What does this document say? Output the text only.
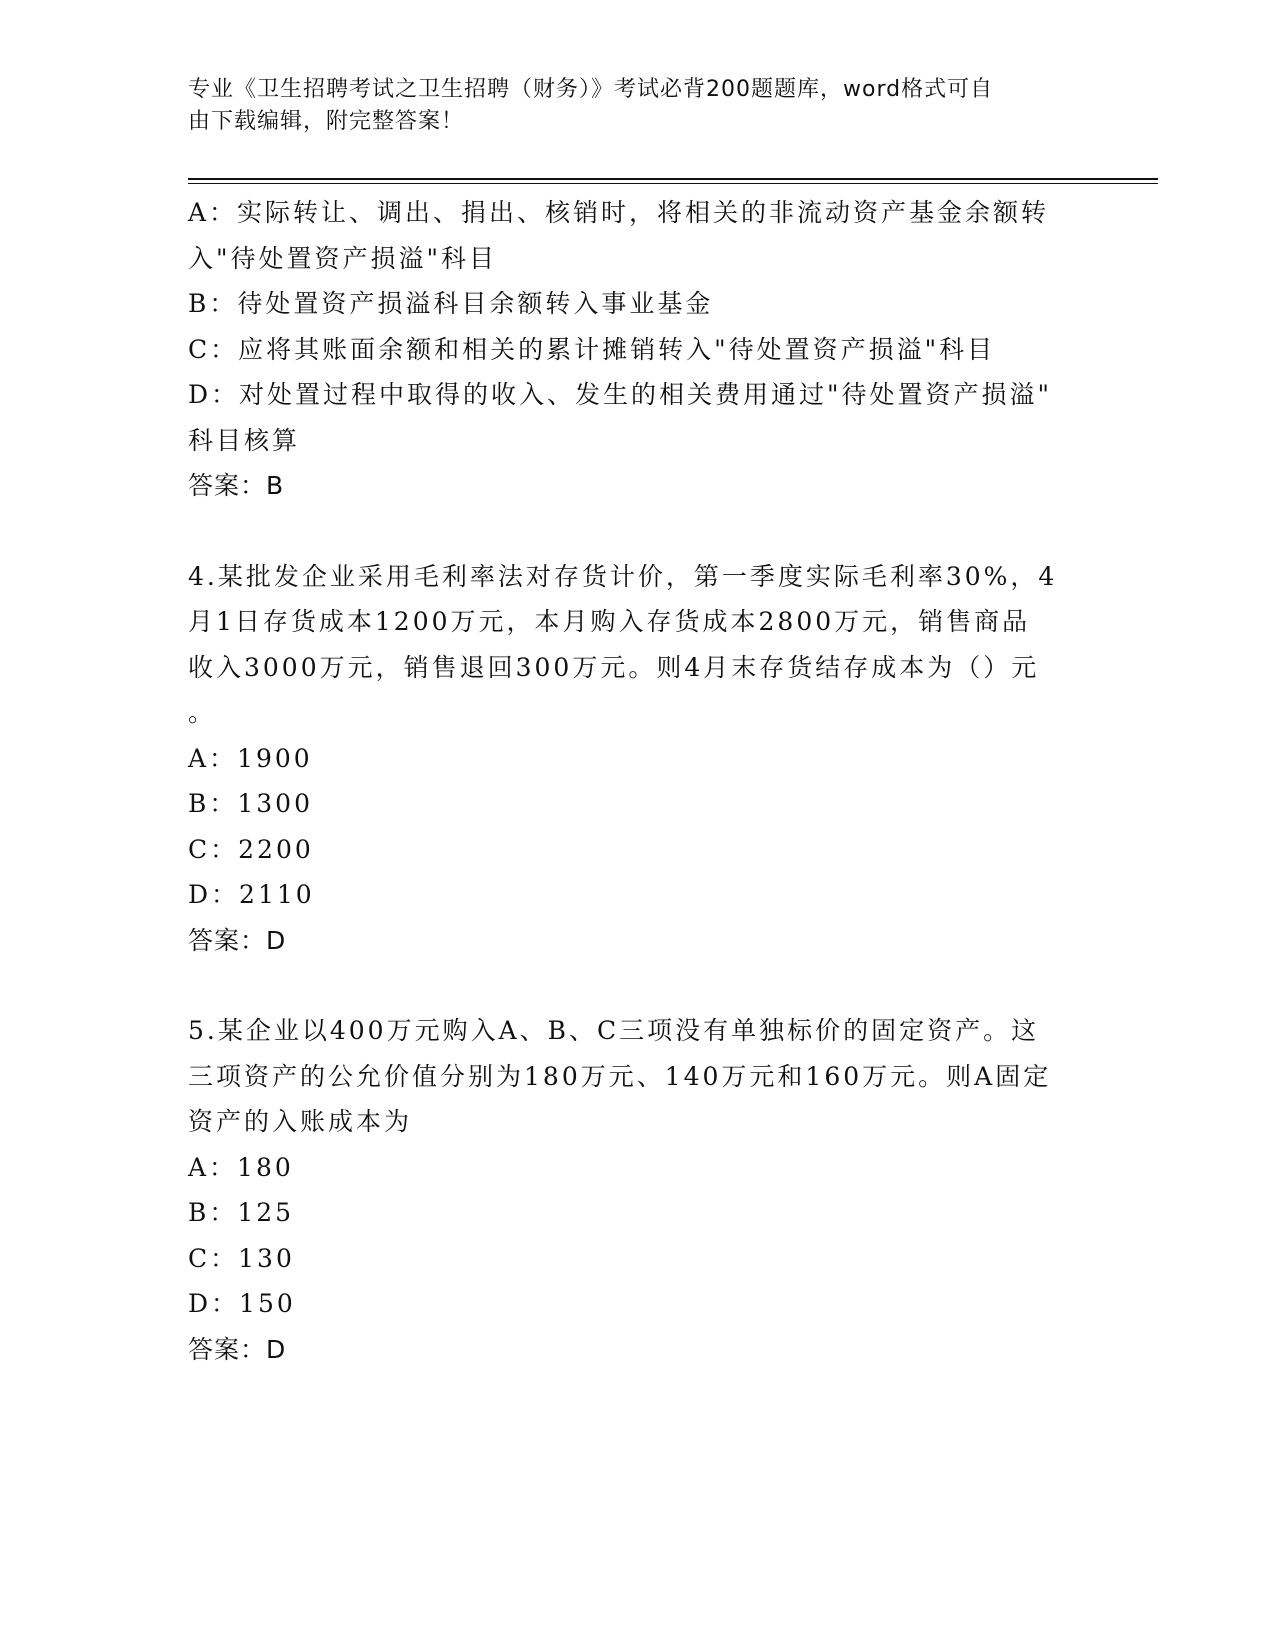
专业《卫生招聘考试之卫生招聘（财务）》考试必背200题题库，word格式可自
由下载编辑，附完整答案！
A：实际转让、调出、捐出、核销时，将相关的非流动资产基金余额转
入"待处置资产损溢"科目
B：待处置资产损溢科目余额转入事业基金
C：应将其账面余额和相关的累计摊销转入"待处置资产损溢"科目
D：对处置过程中取得的收入、发生的相关费用通过"待处置资产损溢"
科目核算
答案：B
4.某批发企业采用毛利率法对存货计价，第一季度实际毛利率30%，4
月1日存货成本1200万元，本月购入存货成本2800万元，销售商品
收入3000万元，销售退回300万元。则4月末存货结存成本为（）元
。
A：1900
B：1300
C：2200
D：2110
答案：D
5.某企业以400万元购入A、B、C三项没有单独标价的固定资产。这
三项资产的公允价值分别为180万元、140万元和160万元。则A固定
资产的入账成本为
A：180
B：125
C：130
D：150
答案：D
